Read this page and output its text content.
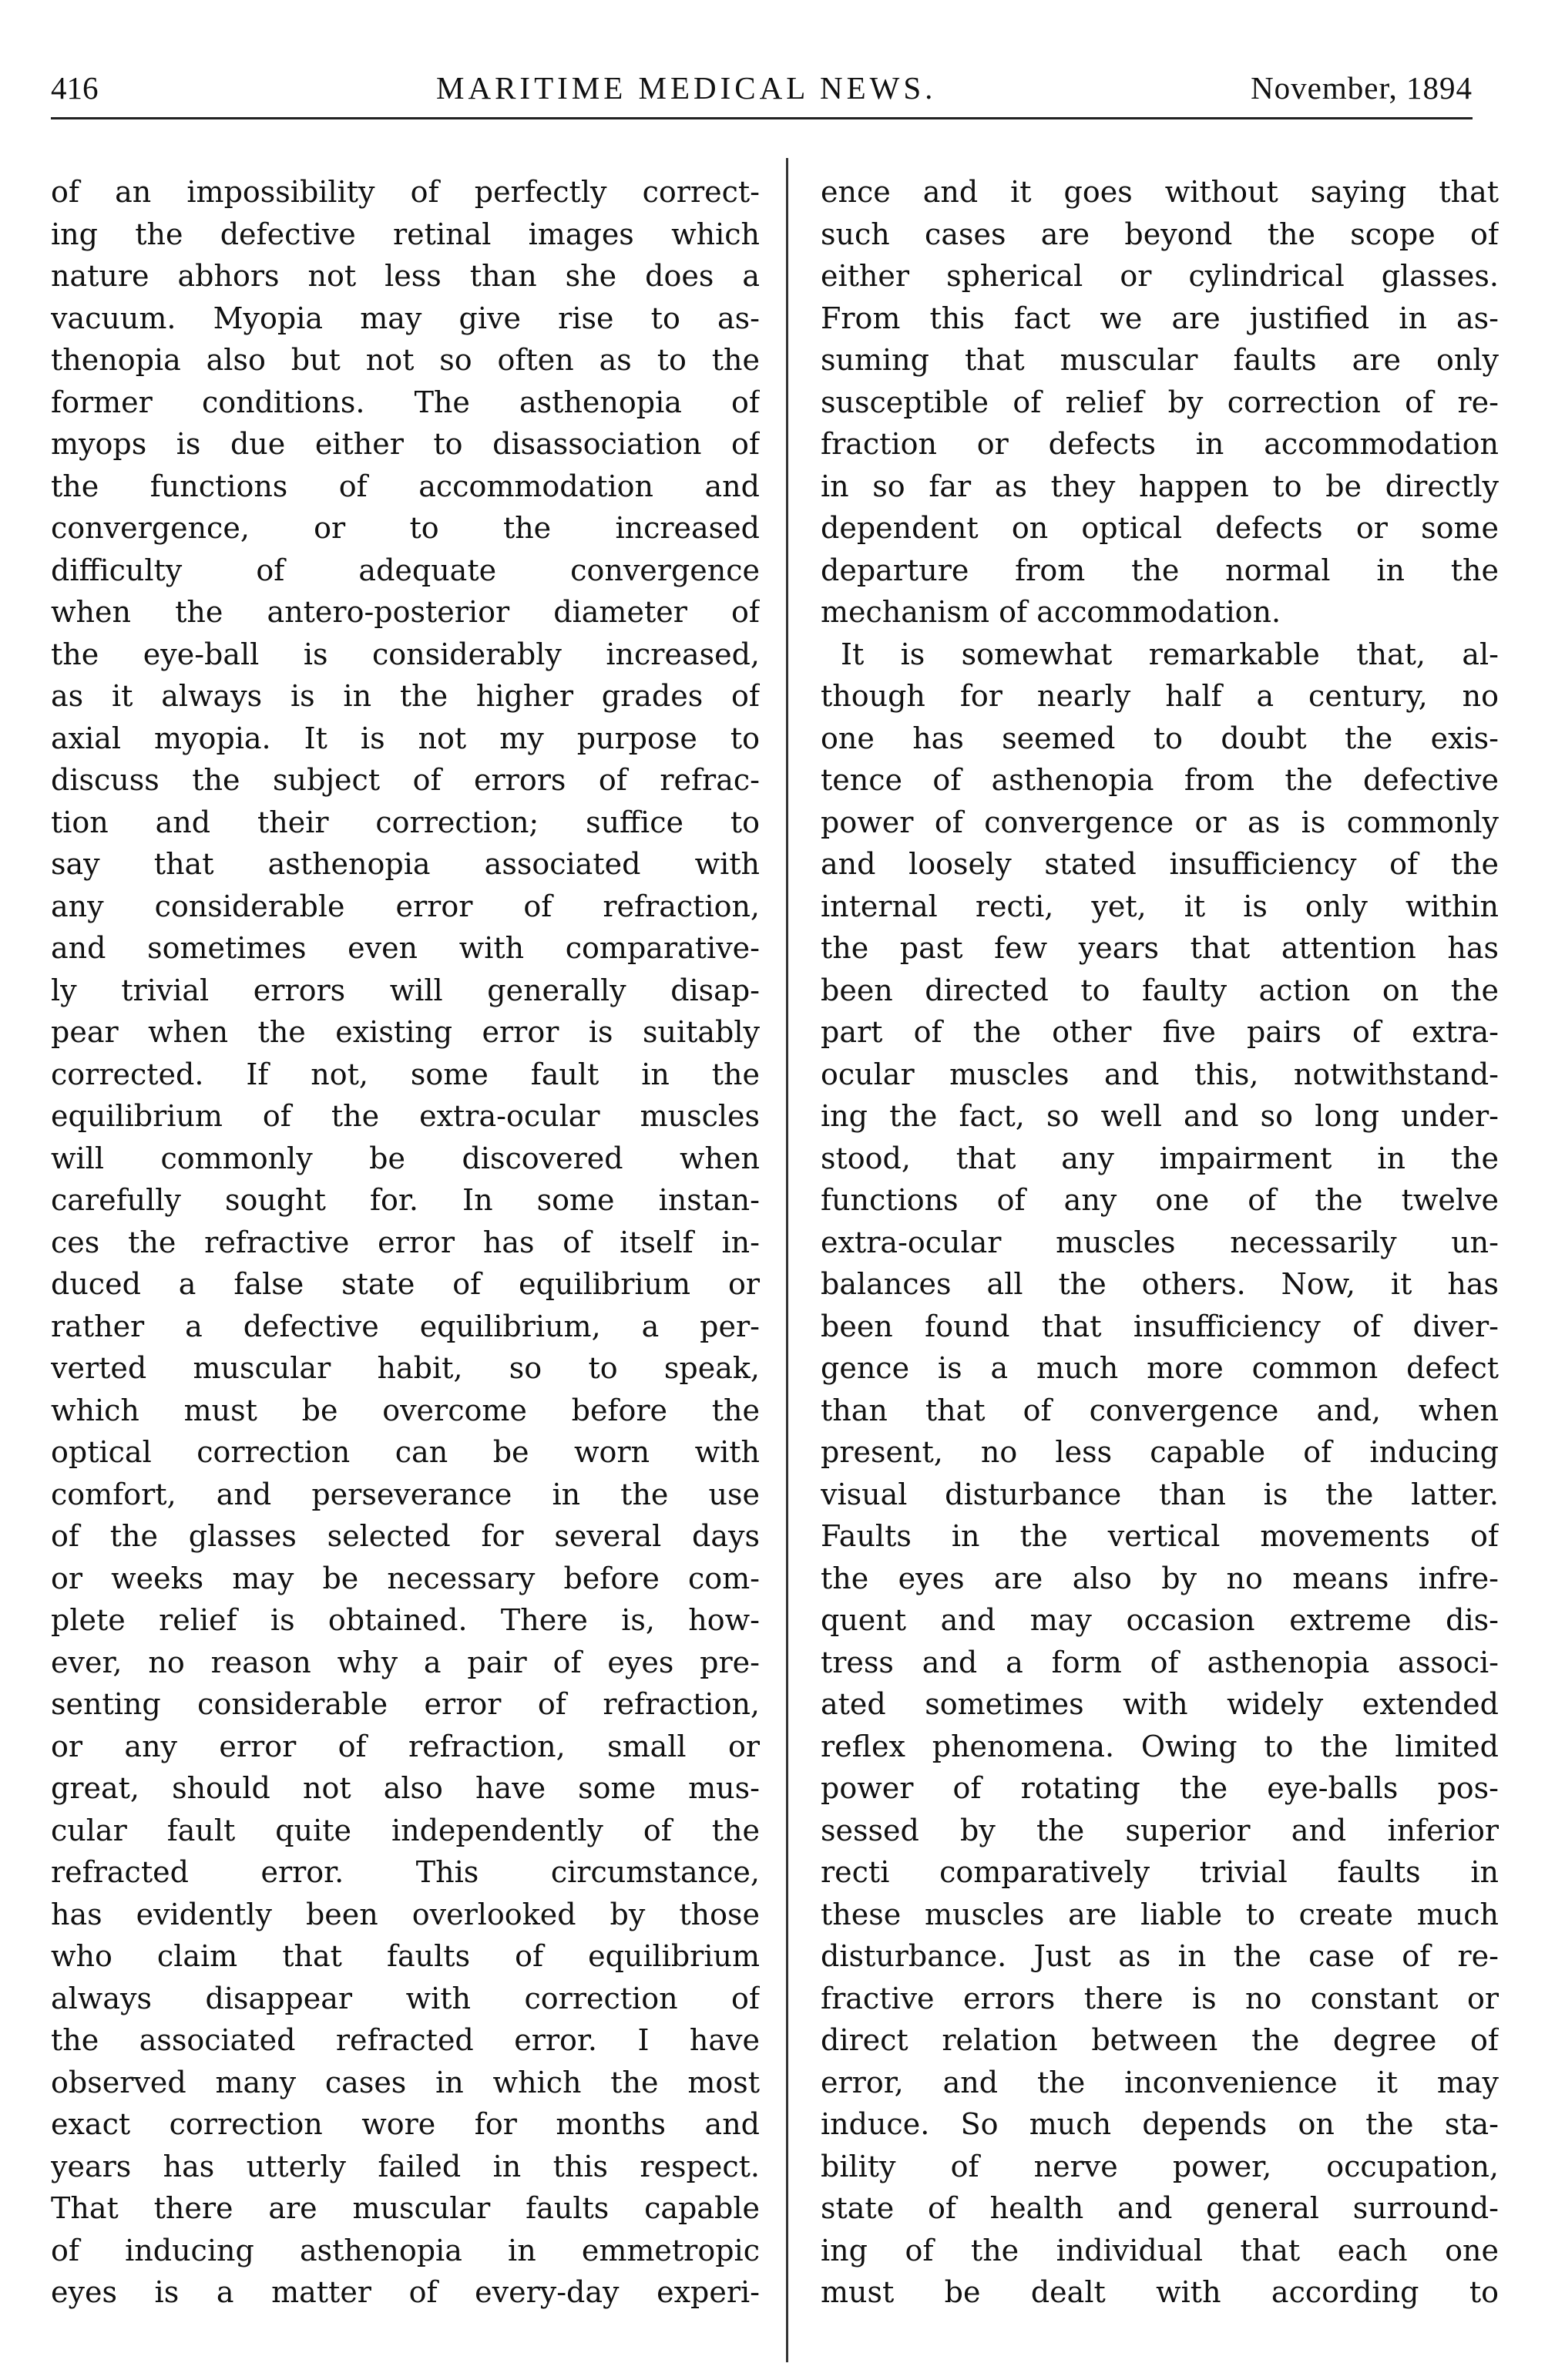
416	MARITIME MEDICAL NEWS.	November, 1894
of an impossibility of perfectly correct-
ing the defective retinal images which
nature abhors not less than she does a
vacuum. Myopia may give rise to as-
thenopia also but not so often as to the
former conditions. The asthenopia of
myops is due either to disassociation of
the functions of accommodation and
convergence, or to the increased
difficulty of adequate convergence
when the antero-posterior diameter of
the eye-ball is considerably increased,
as it always is in the higher grades of
axial myopia. It is not my purpose to
discuss the subject of errors of refrac-
tion and their correction; suffice to
say that asthenopia associated with
any considerable error of refraction,
and sometimes even with comparative-
ly trivial errors will generally disap-
pear when the existing error is suitably
corrected. If not, some fault in the
equilibrium of the extra-ocular muscles
will commonly be discovered when
carefully sought for. In some instan-
ces the refractive error has of itself in-
duced a false state of equilibrium or
rather a defective equilibrium, a per-
verted muscular habit, so to speak,
which must be overcome before the
optical correction can be worn with
comfort, and perseverance in the use
of the glasses selected for several days
or weeks may be necessary before com-
plete relief is obtained. There is, how-
ever, no reason why a pair of eyes pre-
senting considerable error of refraction,
or any error of refraction, small or
great, should not also have some mus-
cular fault quite independently of the
refracted error. This circumstance,
has evidently been overlooked by those
who claim that faults of equilibrium
always disappear with correction of
the associated refracted error. I have
observed many cases in which the most
exact correction wore for months and
years has utterly failed in this respect.
That there are muscular faults capable
of inducing asthenopia in emmetropic
eyes is a matter of every-day experi-
ence and it goes without saying that
such cases are beyond the scope of
either spherical or cylindrical glasses.
From this fact we are justified in as-
suming that muscular faults are only
susceptible of relief by correction of re-
fraction or defects in accommodation
in so far as they happen to be directly
dependent on optical defects or some
departure from the normal in the
mechanism of accommodation.
It is somewhat remarkable that, al-
though for nearly half a century, no
one has seemed to doubt the exis-
tence of asthenopia from the defective
power of convergence or as is commonly
and loosely stated insufficiency of the
internal recti, yet, it is only within
the past few years that attention has
been directed to faulty action on the
part of the other five pairs of extra-
ocular muscles and this, notwithstand-
ing the fact, so well and so long under-
stood, that any impairment in the
functions of any one of the twelve
extra-ocular muscles necessarily un-
balances all the others. Now, it has
been found that insufficiency of diver-
gence is a much more common defect
than that of convergence and, when
present, no less capable of inducing
visual disturbance than is the latter.
Faults in the vertical movements of
the eyes are also by no means infre-
quent and may occasion extreme dis-
tress and a form of asthenopia associ-
ated sometimes with widely extended
reflex phenomena. Owing to the limited
power of rotating the eye-balls pos-
sessed by the superior and inferior
recti comparatively trivial faults in
these muscles are liable to create much
disturbance. Just as in the case of re-
fractive errors there is no constant or
direct relation between the degree of
error, and the inconvenience it may
induce. So much depends on the sta-
bility of nerve power, occupation,
state of health and general surround-
ing of the individual that each one
must be dealt with according to
